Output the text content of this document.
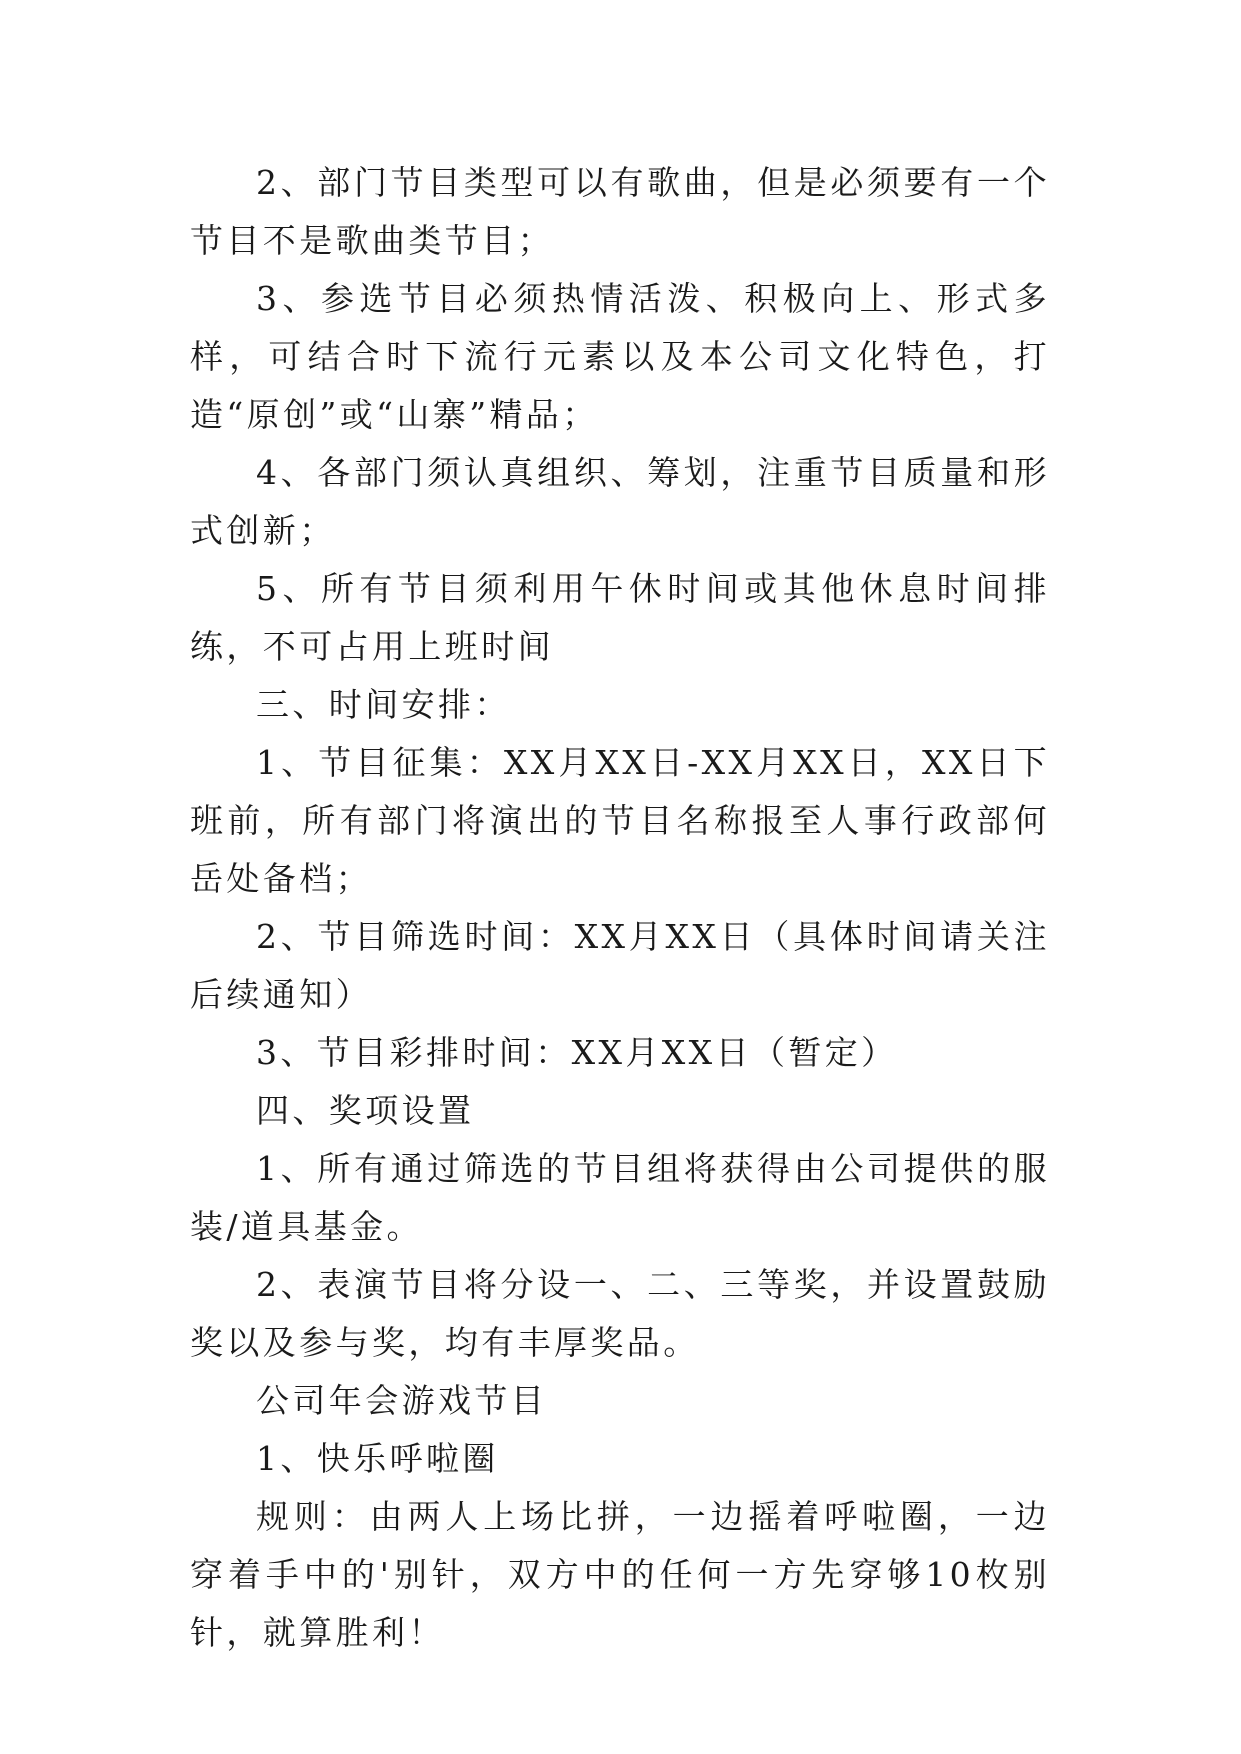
2、部门节目类型可以有歌曲，但是必须要有一个节目不是歌曲类节目；

3、参选节目必须热情活泼、积极向上、形式多样，可结合时下流行元素以及本公司文化特色，打造“原创”或“山寨”精品；

4、各部门须认真组织、筹划，注重节目质量和形式创新；

5、所有节目须利用午休时间或其他休息时间排练，不可占用上班时间

三、时间安排：

1、节目征集：XX月XX日-XX月XX日，XX日下班前，所有部门将演出的节目名称报至人事行政部何岳处备档；

2、节目筛选时间：XX月XX日（具体时间请关注后续通知）

3、节目彩排时间：XX月XX日（暂定）

四、奖项设置

1、所有通过筛选的节目组将获得由公司提供的服装/道具基金。

2、表演节目将分设一、二、三等奖，并设置鼓励奖以及参与奖，均有丰厚奖品。

公司年会游戏节目

1、快乐呼啦圈

规则：由两人上场比拼，一边摇着呼啦圈，一边穿着手中的'别针，双方中的任何一方先穿够10枚别针，就算胜利！
